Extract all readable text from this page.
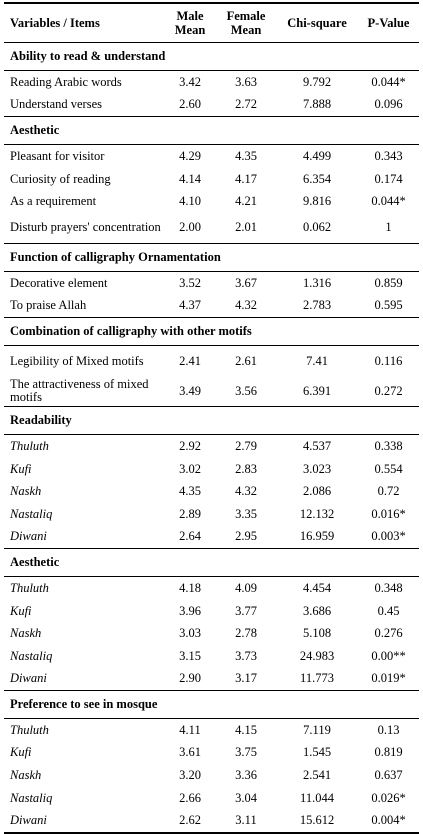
Variables / Items	Male Mean	Female Mean	Chi-square	P-Value
Ability to read & understand				
Reading Arabic words	3.42	3.63	9.792	0.044*
Understand verses	2.60	2.72	7.888	0.096
Aesthetic				
Pleasant for visitor	4.29	4.35	4.499	0.343
Curiosity of reading	4.14	4.17	6.354	0.174
As a requirement	4.10	4.21	9.816	0.044*
Disturb prayers' concentration	2.00	2.01	0.062	1
Function of calligraphy Ornamentation				
Decorative element	3.52	3.67	1.316	0.859
To praise Allah	4.37	4.32	2.783	0.595
Combination of calligraphy with other motifs				
Legibility of Mixed motifs	2.41	2.61	7.41	0.116
The attractiveness of mixed motifs	3.49	3.56	6.391	0.272
Readability				
Thuluth	2.92	2.79	4.537	0.338
Kufi	3.02	2.83	3.023	0.554
Naskh	4.35	4.32	2.086	0.72
Nastaliq	2.89	3.35	12.132	0.016*
Diwani	2.64	2.95	16.959	0.003*
Aesthetic				
Thuluth	4.18	4.09	4.454	0.348
Kufi	3.96	3.77	3.686	0.45
Naskh	3.03	2.78	5.108	0.276
Nastaliq	3.15	3.73	24.983	0.00**
Diwani	2.90	3.17	11.773	0.019*
Preference to see in mosque				
Thuluth	4.11	4.15	7.119	0.13
Kufi	3.61	3.75	1.545	0.819
Naskh	3.20	3.36	2.541	0.637
Nastaliq	2.66	3.04	11.044	0.026*
Diwani	2.62	3.11	15.612	0.004*
